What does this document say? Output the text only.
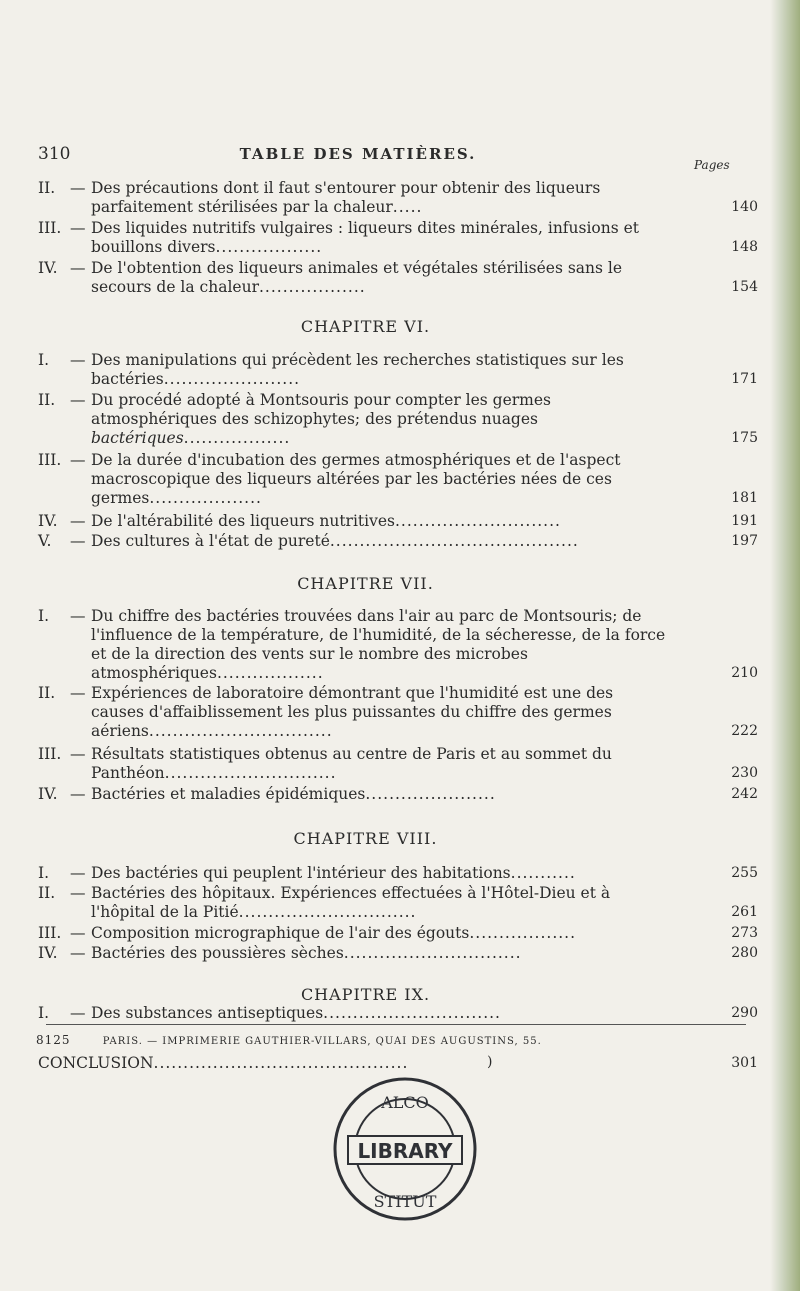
310	TABLE DES MATIÈRES.
Pages
II. — Des précautions dont il faut s'entourer pour obtenir des liqueurs parfaitement stérilisées par la chaleur.....	140
III. — Des liquides nutritifs vulgaires : liqueurs dites minérales, infusions et bouillons divers..................	148
IV. — De l'obtention des liqueurs animales et végétales stérilisées sans le secours de la chaleur..................	154
CHAPITRE VI.
I.	— Des manipulations qui précèdent les recherches statistiques sur les bactéries.......................	171
II. — Du procédé adopté à Montsouris pour compter les germes atmosphériques des schizophytes; des prétendus nuages bactériques..................	175
III. — De la durée d'incubation des germes atmosphériques et de l'aspect macroscopique des liqueurs altérées par les bactéries nées de ces germes...................	181
IV. — De l'altérabilité des liqueurs nutritives............................	191
V.	— Des cultures à l'état de pureté..........................................	197
CHAPITRE VII.
I.	— Du chiffre des bactéries trouvées dans l'air au parc de Montsouris; de l'influence de la température, de l'humidité, de la sécheresse, de la force et de la direction des vents sur le nombre des microbes atmosphériques..................	210
II. — Expériences de laboratoire démontrant que l'humidité est une des causes d'affaiblissement les plus puissantes du chiffre des germes aériens...............................	222
III. — Résultats statistiques obtenus au centre de Paris et au sommet du Panthéon.............................	230
IV. — Bactéries et maladies épidémiques......................	242
CHAPITRE VIII.
I.	— Des bactéries qui peuplent l'intérieur des habitations...........	255
II. — Bactéries des hôpitaux. Expériences effectuées à l'Hôtel-Dieu et à l'hôpital de la Pitié..............................	261
III. — Composition micrographique de l'air des égouts..................	273
IV. — Bactéries des poussières sèches..............................	280
CHAPITRE IX.
I.	— Des substances antiseptiques..............................	290
8125	PARIS. — IMPRIMERIE GAUTHIER-VILLARS, QUAI DES AUGUSTINS, 55.
)
ALCO
LIBRARY
STITUT
CONCLUSION...........................................	301
